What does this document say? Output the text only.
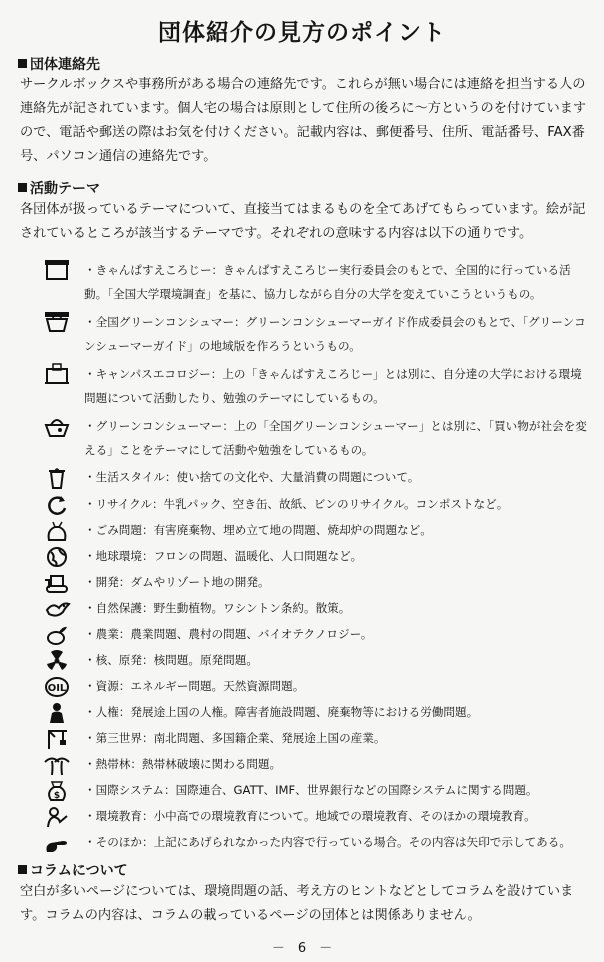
団体紹介の見方のポイント
団体連絡先
サークルボックスや事務所がある場合の連絡先です。これらが無い場合には連絡を担当する人の連絡先が記されています。個人宅の場合は原則として住所の後ろに～方というのを付けていますので、電話や郵送の際はお気を付けください。記載内容は、郵便番号、住所、電話番号、FAX番号、パソコン通信の連絡先です。
活動テーマ
各団体が扱っているテーマについて、直接当てはまるものを全てあげてもらっています。絵が記されているところが該当するテーマです。それぞれの意味する内容は以下の通りです。
・きゃんぱすえころじー：きゃんぱすえころじー実行委員会のもとで、全国的に行っている活動。「全国大学環境調査」を基に、協力しながら自分の大学を変えていこうというもの。
・全国グリーンコンシュマー：グリーンコンシューマーガイド作成委員会のもとで、「グリーンコンシューマーガイド」の地域版を作ろうというもの。
・キャンパスエコロジー：上の「きゃんぱすえころじー」とは別に、自分達の大学における環境問題について活動したり、勉強のテーマにしているもの。
・グリーンコンシューマー：上の「全国グリーンコンシューマー」とは別に、「買い物が社会を変える」ことをテーマにして活動や勉強をしているもの。
・生活スタイル：使い捨ての文化や、大量消費の問題について。
・リサイクル：牛乳パック、空き缶、故紙、ビンのリサイクル。コンポストなど。
・ごみ問題：有害廃棄物、埋め立て地の問題、焼却炉の問題など。
・地球環境：フロンの問題、温暖化、人口問題など。
・開発：ダムやリゾート地の開発。
・自然保護：野生動植物。ワシントン条約。散策。
・農業：農業問題、農村の問題、バイオテクノロジー。
・核、原発：核問題。原発問題。
OIL ・資源：エネルギー問題。天然資源問題。
・人権：発展途上国の人権。障害者施設問題、廃棄物等における労働問題。
・第三世界：南北問題、多国籍企業、発展途上国の産業。
・熱帯林：熱帯林破壊に関わる問題。
$ ・国際システム：国際連合、GATT、IMF、世界銀行などの国際システムに関する問題。
・環境教育：小中高での環境教育について。地域での環境教育、そのほかの環境教育。
・そのほか：上記にあげられなかった内容で行っている場合。その内容は矢印で示してある。
コラムについて
空白が多いページについては、環境問題の話、考え方のヒントなどとしてコラムを設けています。コラムの内容は、コラムの載っているページの団体とは関係ありません。
－　6　－
